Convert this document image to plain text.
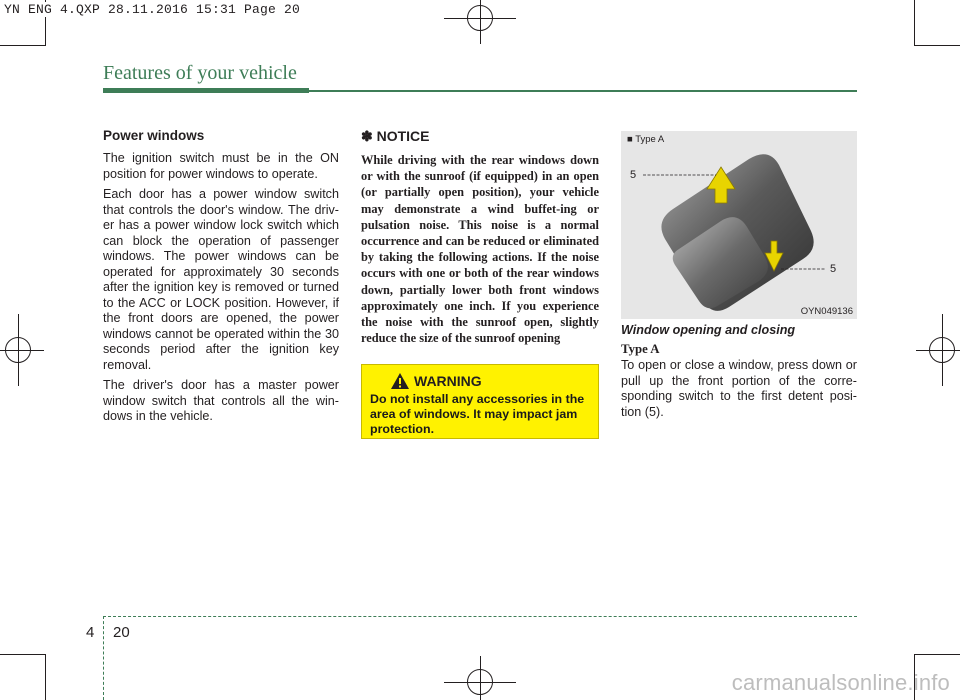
YN ENG 4.QXP 28.11.2016 15:31 Page 20
Features of your vehicle
Power windows

The ignition switch must be in the ON position for power windows to operate.

Each door has a power window switch that controls the door's window. The driv-er has a power window lock switch which can block the operation of passenger windows. The power windows can be operated for approximately 30 seconds after the ignition key is removed or turned to the ACC or LOCK position. However, if the front doors are opened, the power windows cannot be operated within the 30 seconds period after the ignition key removal.

The driver's door has a master power window switch that controls all the win-dows in the vehicle.

✽ NOTICE

While driving with the rear windows down or with the sunroof (if equipped) in an open (or partially open position), your vehicle may demonstrate a wind buffet-ing or pulsation noise. This noise is a normal occurrence and can be reduced or eliminated by taking the following actions. If the noise occurs with one or both of the rear windows down, partially lower both front windows approximately one inch. If you experience the noise with the sunroof open, slightly reduce the size of the sunroof opening

WARNING
Do not install any accessories in the area of windows. It may impact jam protection.
■ Type A
5
5
OYN049136
Window opening and closing
Type A

To open or close a window, press down or pull up the front portion of the corre-sponding switch to the first detent posi-tion (5).

4 20
carmanualsonline.info
